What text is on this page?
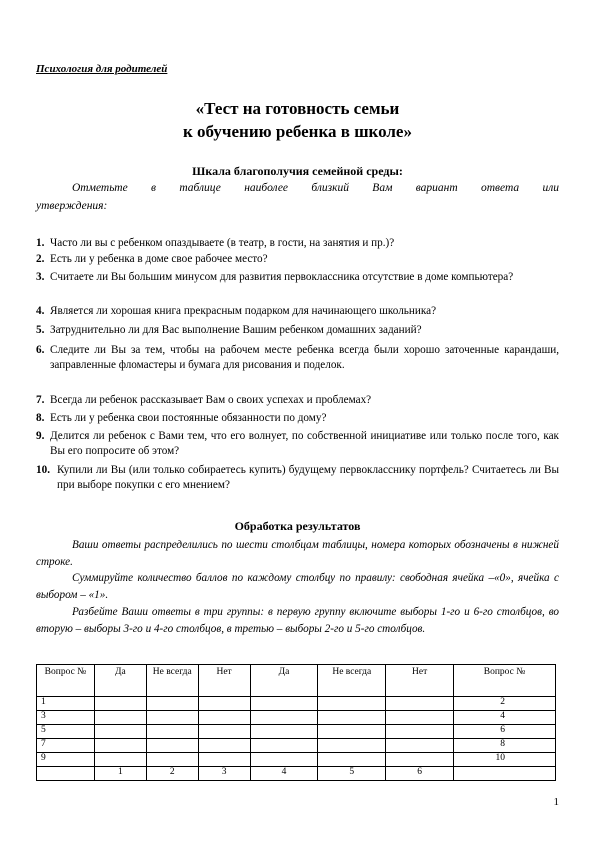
Психология для родителей
«Тест на готовность семьи
к обучению ребенка в школе»
Шкала благополучия семейной среды:
Отметьте в таблице наиболее близкий Вам вариант ответа или
утверждения:
1. Часто ли вы с ребенком опаздываете (в театр, в гости, на занятия и пр.)?
2. Есть ли у ребенка в доме свое рабочее место?
3. Считаете ли Вы большим минусом для развития первоклассника отсутствие в доме компьютера?
4. Является ли хорошая книга прекрасным подарком для начинающего школьника?
5. Затруднительно ли для Вас выполнение Вашим ребенком домашних заданий?
6. Следите ли Вы за тем, чтобы на рабочем месте ребенка всегда были хорошо заточенные карандаши, заправленные фломастеры и бумага для рисования и поделок.
7. Всегда ли ребенок рассказывает Вам о своих успехах и проблемах?
8. Есть ли у ребенка свои постоянные обязанности по дому?
9. Делится ли ребенок с Вами тем, что его волнует, по собственной инициативе или только после того, как Вы его попросите об этом?
10. Купили ли Вы (или только собираетесь купить) будущему первокласснику портфель? Считаетесь ли Вы при выборе покупки с его мнением?
Обработка результатов
Ваши ответы распределились по шести столбцам таблицы, номера которых обозначены в нижней строке.
Суммируйте количество баллов по каждому столбцу по правилу: свободная ячейка –«0», ячейка с выбором – «1».
Разбейте Ваши ответы в три группы: в первую группу включите выборы 1-го и 6-го столбцов, во вторую – выборы 3-го и 4-го столбцов, в третью – выборы 2-го и 5-го столбцов.
Вопрос №	Да	Не всегда	Нет	Да	Не всегда	Нет	Вопрос №
1							2
3							4
5							6
7							8
9							10
	1	2	3	4	5	6	
1
